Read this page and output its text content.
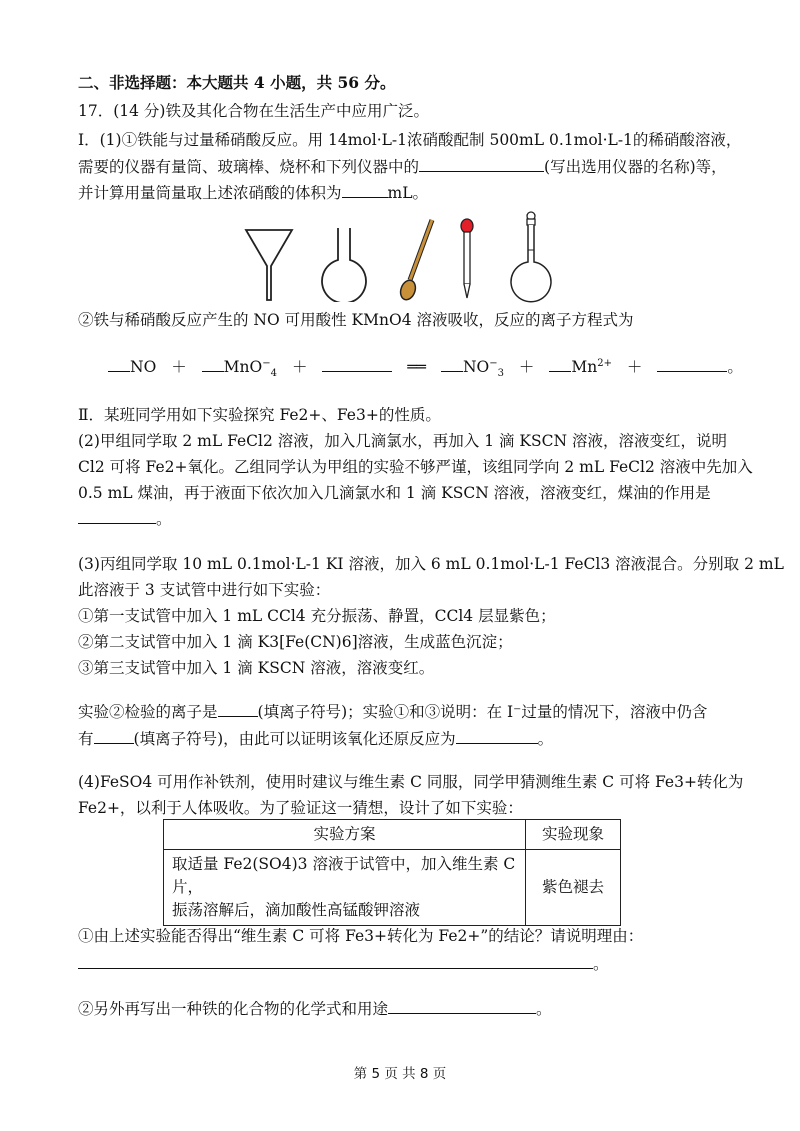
二、非选择题：本大题共 4 小题，共 56 分。
17．(14 分)铁及其化合物在生活生产中应用广泛。
I．(1)①铁能与过量稀硝酸反应。用 14mol·L-1浓硝酸配制 500mL 0.1mol·L-1的稀硝酸溶液，
需要的仪器有量筒、玻璃棒、烧杯和下列仪器中的	(写出选用仪器的名称)等，
并计算用量筒量取上述浓硝酸的体积为	mL。
②铁与稀硝酸反应产生的 NO 可用酸性 KMnO4 溶液吸收，反应的离子方程式为
NO ＋ MnO−$_4$ ＋	══ $NO^-_3 + Mn^{2+}$ ＋	。
Ⅱ．某班同学用如下实验探究 Fe2+、Fe3+的性质。
(2)甲组同学取 2 mL FeCl2 溶液，加入几滴氯水，再加入 1 滴 KSCN 溶液，溶液变红，说明
Cl2 可将 Fe2+氧化。乙组同学认为甲组的实验不够严谨，该组同学向 2 mL FeCl2 溶液中先加入
0.5 mL 煤油，再于液面下依次加入几滴氯水和 1 滴 KSCN 溶液，溶液变红，煤油的作用是
。
(3)丙组同学取 10 mL 0.1mol·L-1 KI 溶液，加入 6 mL 0.1mol·L-1 FeCl3 溶液混合。分别取 2 mL
此溶液于 3 支试管中进行如下实验：
①第一支试管中加入 1 mL CCl4 充分振荡、静置，CCl4 层显紫色；
②第二支试管中加入 1 滴 K3[Fe(CN)6]溶液，生成蓝色沉淀；
③第三支试管中加入 1 滴 KSCN 溶液，溶液变红。
实验②检验的离子是	(填离子符号)；实验①和③说明：在 I⁻过量的情况下，溶液中仍含
有	(填离子符号)，由此可以证明该氧化还原反应为	。
(4)FeSO4 可用作补铁剂，使用时建议与维生素 C 同服，同学甲猜测维生素 C 可将 Fe3+转化为
Fe2+，以利于人体吸收。为了验证这一猜想，设计了如下实验：
实验方案	实验现象

取适量 Fe2(SO4)3 溶液于试管中，加入维生素 C 片，
振荡溶解后，滴加酸性高锰酸钾溶液	紫色褪去
①由上述实验能否得出“维生素 C 可将 Fe3+转化为 Fe2+”的结论？请说明理由：
。
②另外再写出一种铁的化合物的化学式和用途	。
第 5 页 共 8 页
